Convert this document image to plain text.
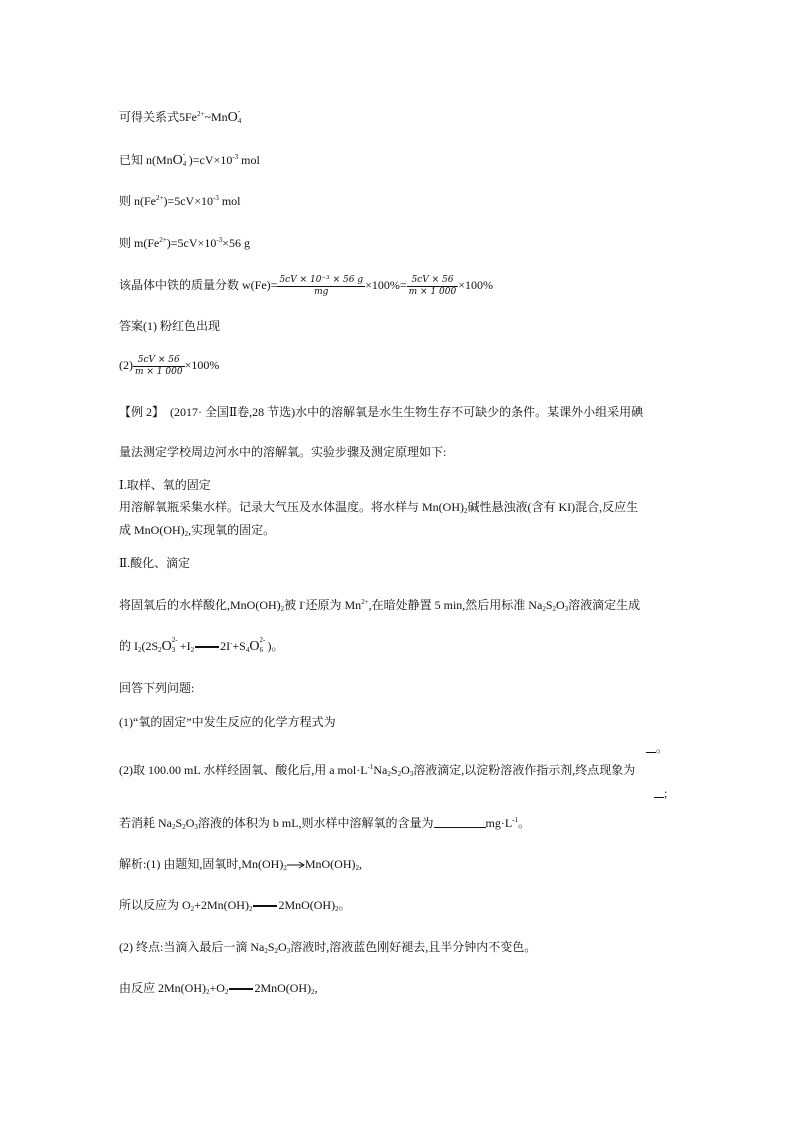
可得关系式$5Fe^{2+}\sim MnO$ -
4
已知 n(MnO -
4 )$=cV\times 10^{-3}$ mol
则 $n(Fe^{2+})=5cV\times 10^{-3}$ mol
则 $m(Fe^{2+})=5cV\times 10^{-3}\times 56$ g
该晶体中铁的质量分数 $w(Fe)= \frac{\text{5cV × 10⁻³ × 56 g}}{mg} \times 100\%= \frac{5cV \times 56}{m \times 1 000} \times 100\%$
答案(1) 粉红色出现
$(2) \frac{5cV \times 56}{m \times 1 000} \times 100\%$
【例 2】　(2017· 全国Ⅱ卷,28 节选)水中的溶解氧是水生生物生存不可缺少的条件。某课外小组采用碘
量法测定学校周边河水中的溶解氧。实验步骤及测定原理如下:
Ⅰ.取样、氧的固定
用溶解氧瓶采集水样。记录大气压及水体温度。将水样与 $Mn(OH)_2$碱性悬浊液(含有 KI)混合,反应生
成 $MnO(OH)_2$,实现氧的固定。
Ⅱ.酸化、滴定
将固氧后的水样酸化$,MnO(OH)_2$被 I-还原为 $Mn^{2+}$,在暗处静置 5 min,然后用标准 $Na_2S_2O_3$溶液滴定生成
的 $I_2(2S_2O$ 2-
$3 +I_2$ $2I^-+S_4O$ 2-
6 )。
回答下列问题:
(1)“氧的固定”中发生反应的化学方程式为
。
(2)取 100.00 mL 水样经固氧、酸化后,用 a $mol\cdot L^{-1}Na_2S_2O_3$溶液滴定,以淀粉溶液作指示剂,终点现象为
;
若消耗 $Na_2S_2O_3$溶液的体积为 b mL,则水样中溶解氧的含量为	$mg\cdot L^{-1}$。
解析:(1) 由题知,固氧时$,Mn(OH)_2$ $MnO(OH)_2$,
所以反应为 $O_2+2Mn(OH)_2$ $2MnO(OH)_2$。
(2) 终点:当滴入最后一滴 $Na_2S_2O_3$溶液时,溶液蓝色刚好褪去,且半分钟内不变色。
由反应 $2Mn(OH)_2+O_2$ $2MnO(OH)_2$,
